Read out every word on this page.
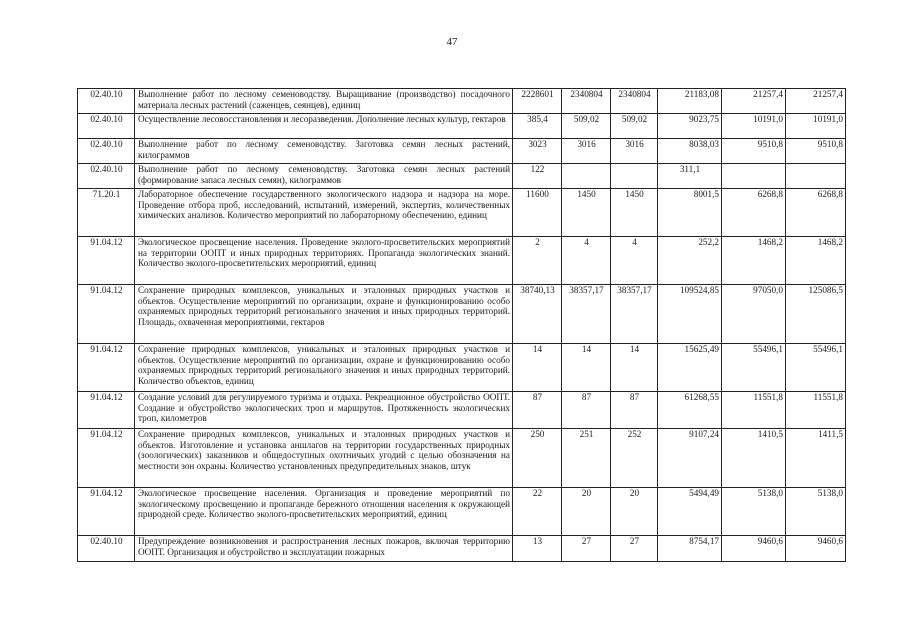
47
02.40.10	Выполнение работ по лесному семеноводству. Выращивание (производство) посадочного материала лесных растений (саженцев, сеянцев), единиц	2228601	2340804	2340804	21183,08	21257,4	21257,4
02.40.10	Осуществление лесовосстановления и лесоразведения. Дополнение лесных культур, гектаров	385,4	509,02	509,02	9023,75	10191,0	10191,0
02.40.10	Выполнение работ по лесному семеноводству. Заготовка семян лесных растений, килограммов	3023	3016	3016	8038,03	9510,8	9510,8
02.40.10	Выполнение работ по лесному семеноводству. Заготовка семян лесных растений (формирование запаса лесных семян), килограммов	122			311,1		
71.20.1	Лабораторное обеспечение государственного экологического надзора и надзора на море. Проведение отбора проб, исследований, испытаний, измерений, экспертиз, количественных химических анализов. Количество мероприятий по лабораторному обеспечению, единиц	11600	1450	1450	8001,5	6268,8	6268,8
91.04.12	Экологическое просвещение населения. Проведение эколого-просветительских мероприятий на территории ООПТ и иных природных территориях. Пропаганда экологических знаний. Количество эколого-просветительских мероприятий, единиц	2	4	4	252,2	1468,2	1468,2
91.04.12	Сохранение природных комплексов, уникальных и эталонных природных участков и объектов. Осуществление мероприятий по организации, охране и функционированию особо охраняемых природных территорий регионального значения и иных природных территорий. Площадь, охваченная мероприятиями, гектаров	38740,13	38357,17	38357,17	109524,85	97050,0	125086,5
91.04.12	Сохранение природных комплексов, уникальных и эталонных природных участков и объектов. Осуществление мероприятий по организации, охране и функционированию особо охраняемых природных территорий регионального значения и иных природных территорий. Количество объектов, единиц	14	14	14	15625,49	55496,1	55496,1
91.04.12	Создание условий для регулируемого туризма и отдыха. Рекреационное обустройство ООПТ. Создание и обустройство экологических троп и маршрутов. Протяженность экологических троп, километров	87	87	87	61268,55	11551,8	11551,8
91.04.12	Сохранение природных комплексов, уникальных и эталонных природных участков и объектов. Изготовление и установка аншлагов на территории государственных природных (зоологических) заказников и общедоступных охотничьих угодий с целью обозначения на местности зон охраны. Количество установленных предупредительных знаков, штук	250	251	252	9107,24	1410,5	1411,5
91.04.12	Экологическое просвещение населения. Организация и проведение мероприятий по экологическому просвещению и пропаганде бережного отношения населения к окружающей природной среде. Количество эколого-просветительских мероприятий, единиц	22	20	20	5494,49	5138,0	5138,0
02.40.10	Предупреждение возникновения и распространения лесных пожаров, включая территорию ООПТ. Организация и обустройство и эксплуатации пожарных	13	27	27	8754,17	9460,6	9460,6
